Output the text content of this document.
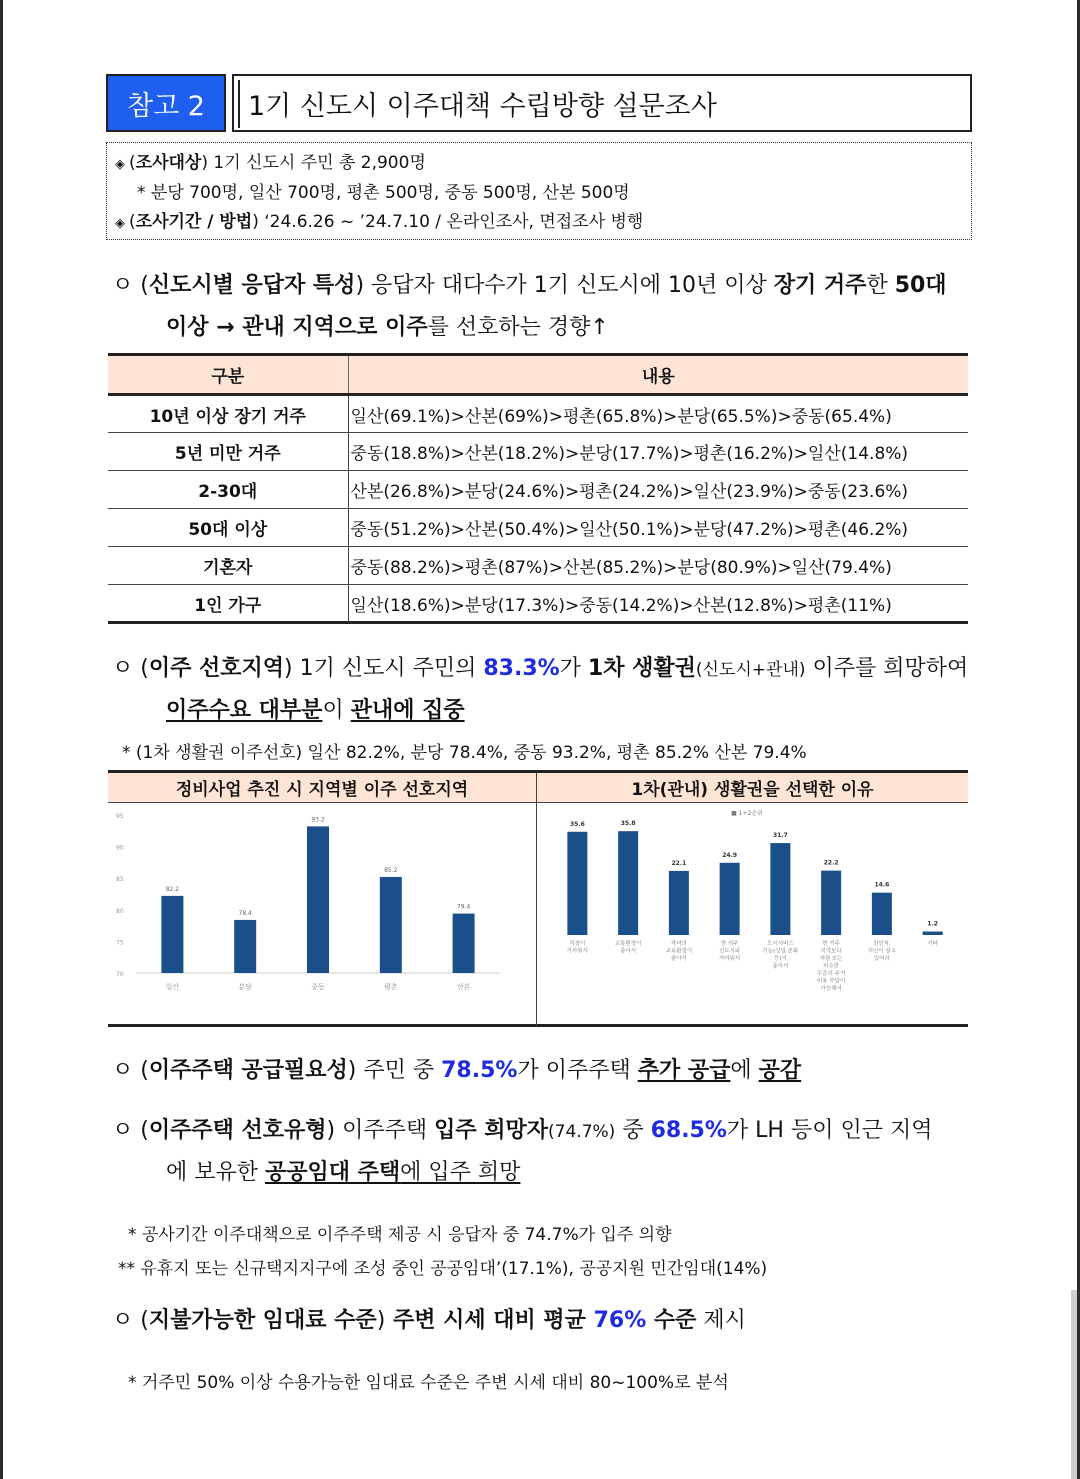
참고 2	1기 신도시 이주대책 수립방향 설문조사
◈ (조사대상) 1기 신도시 주민 총 2,900명
* 분당 700명, 일산 700명, 평촌 500명, 중동 500명, 산본 500명
◈ (조사기간 / 방법) ‘24.6.26 ~ ’24.7.10 / 온라인조사, 면접조사 병행
ㅇ (신도시별 응답자 특성) 응답자 대다수가 1기 신도시에 10년 이상 장기 거주한 50대
이상 → 관내 지역으로 이주를 선호하는 경향↑
구분	내용
10년 이상 장기 거주	일산(69.1%)>산본(69%)>평촌(65.8%)>분당(65.5%)>중동(65.4%)
5년 미만 거주	중동(18.8%)>산본(18.2%)>분당(17.7%)>평촌(16.2%)>일산(14.8%)
2-30대	산본(26.8%)>분당(24.6%)>평촌(24.2%)>일산(23.9%)>중동(23.6%)
50대 이상	중동(51.2%)>산본(50.4%)>일산(50.1%)>분당(47.2%)>평촌(46.2%)
기혼자	중동(88.2%)>평촌(87%)>산본(85.2%)>분당(80.9%)>일산(79.4%)
1인 가구	일산(18.6%)>분당(17.3%)>중동(14.2%)>산본(12.8%)>평촌(11%)
ㅇ (이주 선호지역) 1기 신도시 주민의 83.3%가 1차 생활권(신도시+관내) 이주를 희망하여
이주수요 대부분이 관내에 집중
* (1차 생활권 이주선호) 일산 82.2%, 분당 78.4%, 중동 93.2%, 평촌 85.2% 산본 79.4%
정비사업 추진 시 지역별 이주 선호지역	1차(관내) 생활권을 선택한 이유
95
90
85
80
75
70
82.2
일산
78.4
분당
93.2
중동
85.2
평촌
79.4
산본
■ 1+2순위
35.6
직장이 가까워서
35.8
교통환경이 좋아서
22.1
자녀의 교육환경이 좋아서
24.9
현 거주 신도시와 가까워서
31.7
도시서비스 기능(상업·문화 등)이 좋아서
22.2
현 거주 지역보다 저렴 또는 비슷한 수준의 주거 비용 부담이 가능해서
14.6
친인척, 지인이 살고 있어서
1.2
기타
ㅇ (이주주택 공급필요성) 주민 중 78.5%가 이주주택 추가 공급에 공감
ㅇ (이주주택 선호유형) 이주주택 입주 희망자(74.7%) 중 68.5%가 LH 등이 인근 지역
에 보유한 공공임대 주택에 입주 희망
* 공사기간 이주대책으로 이주주택 제공 시 응답자 중 74.7%가 입주 의향
** 유휴지 또는 신규택지지구에 조성 중인 공공임대’(17.1%), 공공지원 민간임대(14%)
ㅇ (지불가능한 임대료 수준) 주변 시세 대비 평균 76% 수준 제시
* 거주민 50% 이상 수용가능한 임대료 수준은 주변 시세 대비 80~100%로 분석
